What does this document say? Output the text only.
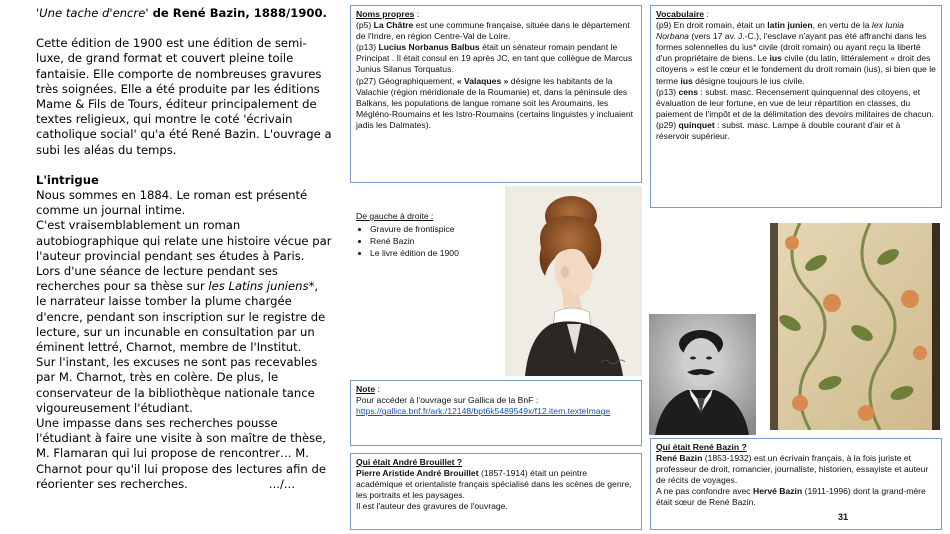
'Une tache d'encre' de René Bazin, 1888/1900.

Cette édition de 1900 est une édition de semi-luxe, de grand format et couvert pleine toile fantaisie. Elle comporte de nombreuses gravures très soignées. Elle a été produite par les éditions Mame & Fils de Tours, éditeur principalement de textes religieux, qui montre le coté 'écrivain catholique social' qu'a été René Bazin. L'ouvrage a subi les aléas du temps.

L'intrigue

Nous sommes en 1884. Le roman est présenté comme un journal intime.

C'est vraisemblablement un roman autobiographique qui relate une histoire vécue par l'auteur provincial pendant ses études à Paris.

Lors d'une séance de lecture pendant ses recherches pour sa thèse sur les Latins juniens*, le narrateur laisse tomber la plume chargée d'encre, pendant son inscription sur le registre de lecture, sur un incunable en consultation par un éminent lettré, Charnot, membre de l'Institut.

Sur l'instant, les excuses ne sont pas recevables par M. Charnot, très en colère. De plus, le conservateur de la bibliothèque nationale tance vigoureusement l'étudiant.

Une impasse dans ses recherches pousse l'étudiant à faire une visite à son maître de thèse, M. Flamaran qui lui propose de rencontrer… M. Charnot pour qu'il lui propose des lectures afin de réorienter ses recherches.	.../...

Noms propres :

(p5) La Châtre est une commune française, située dans le département de l'Indre, en région Centre-Val de Loire.

(p13) Lucius Norbanus Balbus était un sénateur romain pendant le Principat . Il était consul en 19 après JC, en tant que collègue de Marcus Junius Silanus Torquatus.

(p27) Géographiquement, « Valaques » désigne les habitants de la Valachie (région méridionale de la Roumanie) et, dans la péninsule des Balkans, les populations de langue romane soit les Aroumains, les Mégléno-Roumains et les Istro-Roumains (certains linguistes y incluaient jadis les Dalmates).

Vocabulaire :

(p9) En droit romain, était un latin junien, en vertu de la lex Iunia Norbana (vers 17 av. J.-C.), l'esclave n'ayant pas été affranchi dans les formes solennelles du ius* civile (droit romain) ou ayant reçu la liberté d'un propriétaire de biens. Le ius civile (du latin, littéralement « droit des citoyens » est le cœur et le fondement du droit romain (ius), si bien que le terme ius désigne toujours le ius civile.

(p13) cens : subst. masc. Recensement quinquennal des citoyens, et évaluation de leur fortune, en vue de leur répartition en classes, du paiement de l'impôt et de la délimitation des devoirs militaires de chacun.

(p29) quinquet : subst. masc. Lampe à double courant d'air et à réservoir supérieur.

De gauche à droite :
• Gravure de frontispice
• René Bazin
• Le livre édition de 1900

Note :

Pour accéder à l'ouvrage sur Gallica de la BnF :

https://gallica.bnf.fr/ark:/12148/bpt6k5489549x/f12.item.texteImage

Qui était André Brouillet ?

Pierre Aristide André Brouillet (1857-1914) était un peintre académique et orientaliste français spécialisé dans les scènes de genre, les portraits et les paysages.

Il est l'auteur des gravures de l'ouvrage.

Qui était René Bazin ?

René Bazin (1853-1932) est un écrivain français, à la fois juriste et professeur de droit, romancier, journaliste, historien, essayiste et auteur de récits de voyages.

A ne pas confondre avec Hervé Bazin (1911-1996) dont la grand-mère était sœur de René Bazin.

31
